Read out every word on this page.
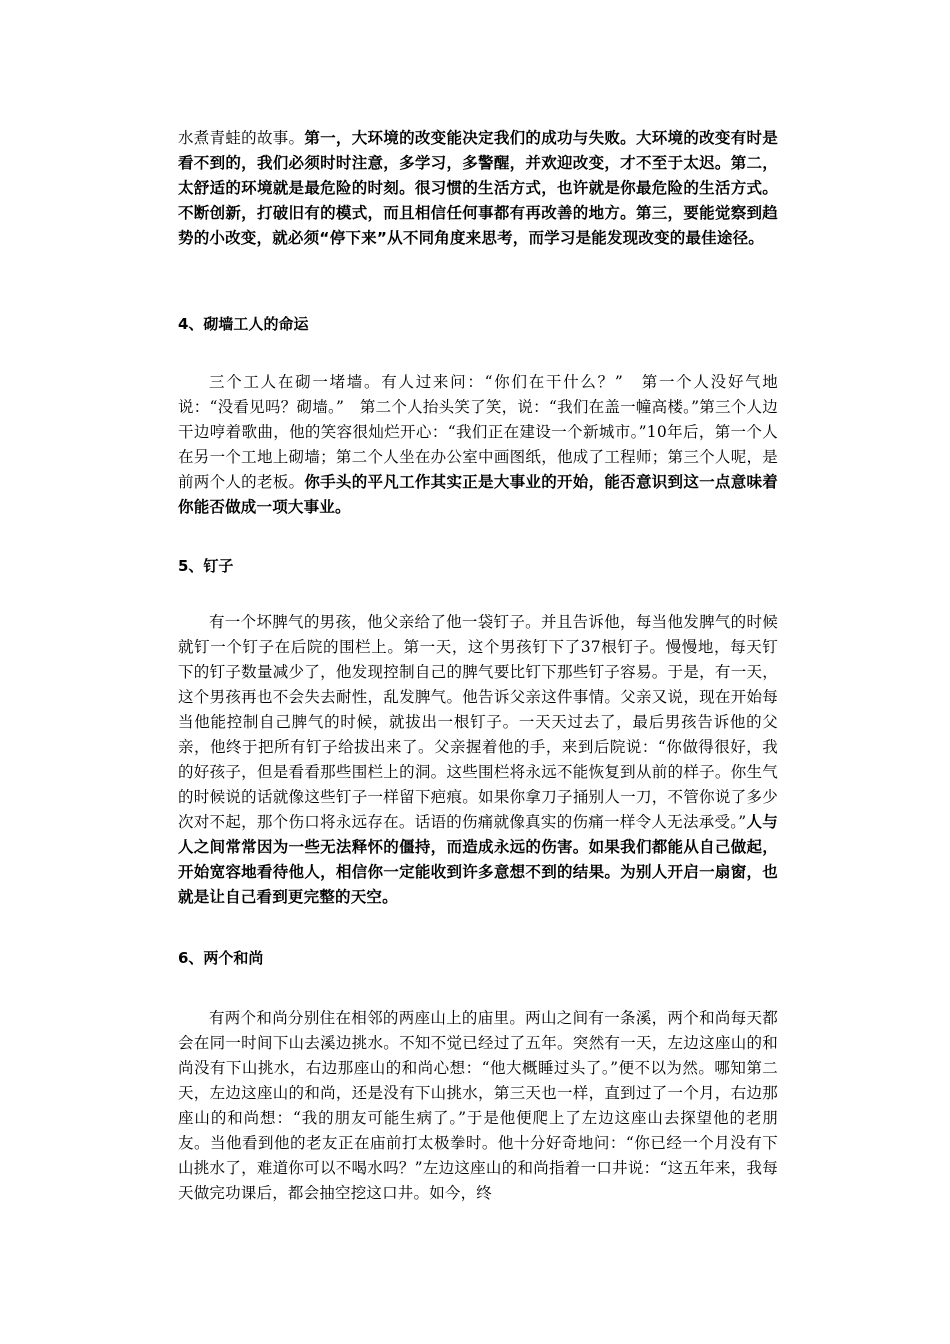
水煮青蛙的故事。第一，大环境的改变能决定我们的成功与失败。大环境的改变有时是看不到的，我们必须时时注意，多学习，多警醒，并欢迎改变，才不至于太迟。第二，太舒适的环境就是最危险的时刻。很习惯的生活方式，也许就是你最危险的生活方式。不断创新，打破旧有的模式，而且相信任何事都有再改善的地方。第三，要能觉察到趋势的小改变，就必须“停下来”从不同角度来思考，而学习是能发现改变的最佳途径。
4、砌墙工人的命运
三个工人在砌一堵墙。有人过来问：“你们在干什么？”　第一个人没好气地说：“没看见吗？砌墙。”　第二个人抬头笑了笑，说：“我们在盖一幢高楼。”第三个人边干边哼着歌曲，他的笑容很灿烂开心：“我们正在建设一个新城市。”10年后，第一个人在另一个工地上砌墙；第二个人坐在办公室中画图纸，他成了工程师；第三个人呢，是前两个人的老板。你手头的平凡工作其实正是大事业的开始，能否意识到这一点意味着你能否做成一项大事业。
5、钉子
有一个坏脾气的男孩，他父亲给了他一袋钉子。并且告诉他，每当他发脾气的时候就钉一个钉子在后院的围栏上。第一天，这个男孩钉下了37根钉子。慢慢地，每天钉下的钉子数量减少了，他发现控制自己的脾气要比钉下那些钉子容易。于是，有一天，这个男孩再也不会失去耐性，乱发脾气。他告诉父亲这件事情。父亲又说，现在开始每当他能控制自己脾气的时候，就拔出一根钉子。一天天过去了，最后男孩告诉他的父亲，他终于把所有钉子给拔出来了。父亲握着他的手，来到后院说：“你做得很好，我的好孩子，但是看看那些围栏上的洞。这些围栏将永远不能恢复到从前的样子。你生气的时候说的话就像这些钉子一样留下疤痕。如果你拿刀子捅别人一刀，不管你说了多少次对不起，那个伤口将永远存在。话语的伤痛就像真实的伤痛一样令人无法承受。”人与人之间常常因为一些无法释怀的僵持，而造成永远的伤害。如果我们都能从自己做起，开始宽容地看待他人，相信你一定能收到许多意想不到的结果。为别人开启一扇窗，也就是让自己看到更完整的天空。
6、两个和尚
有两个和尚分别住在相邻的两座山上的庙里。两山之间有一条溪，两个和尚每天都会在同一时间下山去溪边挑水。不知不觉已经过了五年。突然有一天，左边这座山的和尚没有下山挑水，右边那座山的和尚心想：“他大概睡过头了。”便不以为然。哪知第二天，左边这座山的和尚，还是没有下山挑水，第三天也一样，直到过了一个月，右边那座山的和尚想：“我的朋友可能生病了。”于是他便爬上了左边这座山去探望他的老朋友。当他看到他的老友正在庙前打太极拳时。他十分好奇地问：“你已经一个月没有下山挑水了，难道你可以不喝水吗？”左边这座山的和尚指着一口井说：“这五年来，我每天做完功课后，都会抽空挖这口井。如今，终
